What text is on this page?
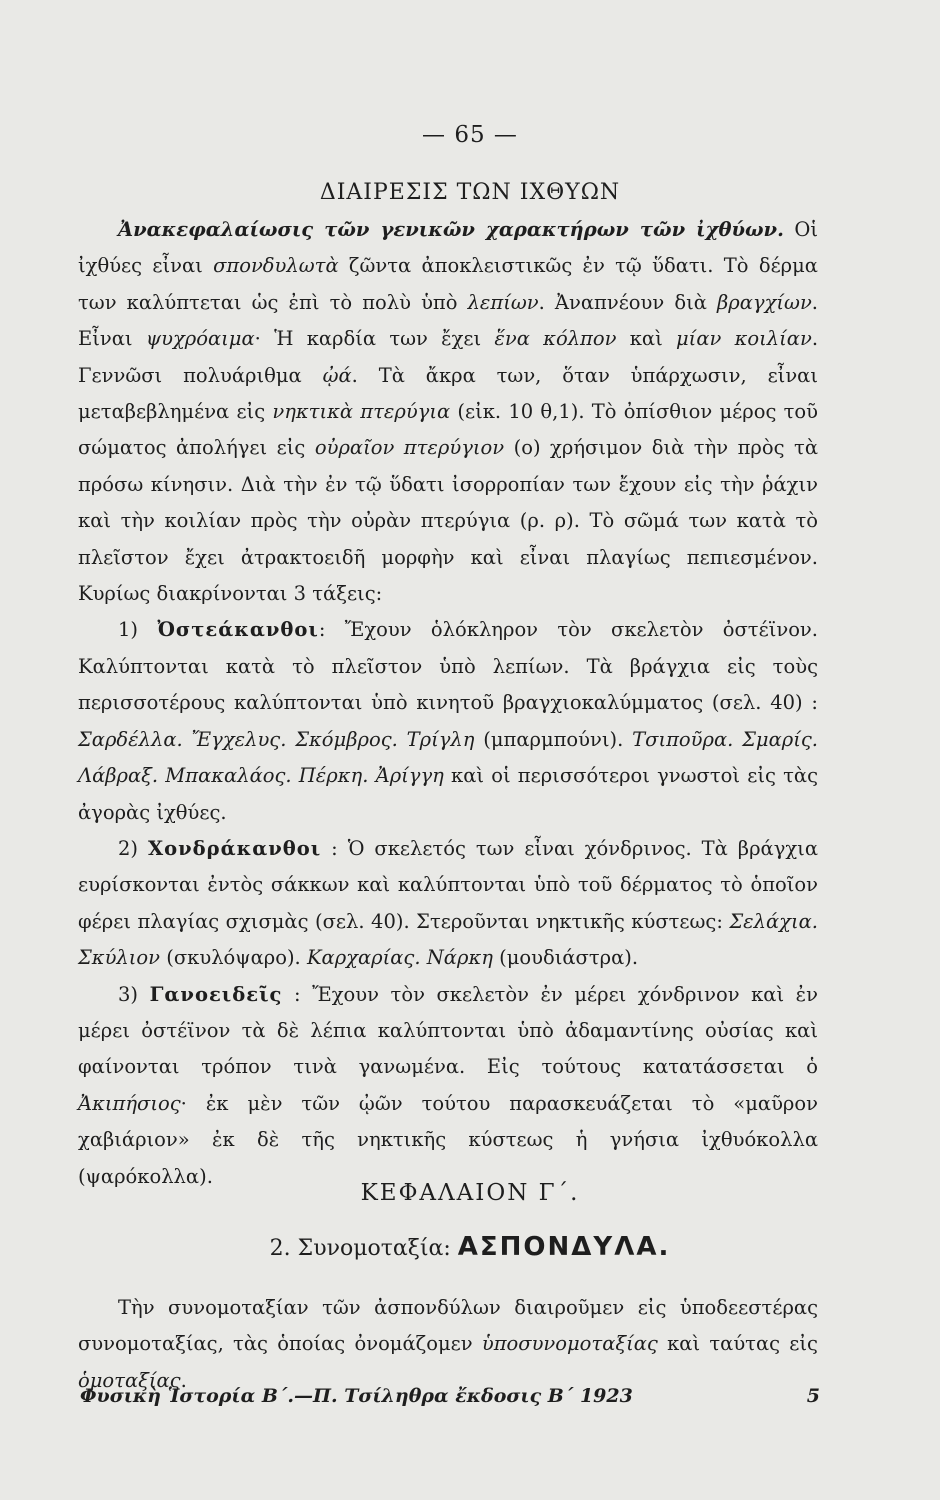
— 65 —
ΔΙΑΙΡΕΣΙΣ ΤΩΝ ΙΧΘΥΩΝ

Ἀνακεφαλαίωσις τῶν γενικῶν χαρακτήρων τῶν ἰχθύων. Οἱ ἰχθύες εἶναι σπονδυλωτὰ ζῶντα ἀποκλειστικῶς ἐν τῷ ὕδατι. Τὸ δέρμα των καλύπτεται ὡς ἐπὶ τὸ πολὺ ὑπὸ λεπίων. Ἀναπνέουν διὰ βραγχίων. Εἶναι ψυχρόαιμα· Ἡ καρδία των ἔχει ἕνα κόλπον καὶ μίαν κοιλίαν. Γεννῶσι πολυάριθμα ᾠά. Τὰ ἄκρα των, ὅταν ὑπάρχωσιν, εἶναι μεταβεβλημένα εἰς νηκτικὰ πτερύγια (εἰκ. 10 θ,1). Τὸ ὀπίσθιον μέρος τοῦ σώματος ἀπολήγει εἰς οὐραῖον πτερύγιον (ο) χρήσιμον διὰ τὴν πρὸς τὰ πρόσω κίνησιν. Διὰ τὴν ἐν τῷ ὕδατι ἰσορροπίαν των ἔχουν εἰς τὴν ῥάχιν καὶ τὴν κοιλίαν πρὸς τὴν οὐρὰν πτερύγια (ρ. ρ). Τὸ σῶμά των κατὰ τὸ πλεῖστον ἔχει ἀτρακτοειδῆ μορφὴν καὶ εἶναι πλαγίως πεπιεσμένον. Κυρίως διακρίνονται 3 τάξεις:

1) Ὀστεάκανθοι: Ἔχουν ὁλόκληρον τὸν σκελετὸν ὀστέϊνον. Καλύπτονται κατὰ τὸ πλεῖστον ὑπὸ λεπίων. Τὰ βράγχια εἰς τοὺς περισσοτέρους καλύπτονται ὑπὸ κινητοῦ βραγχιοκαλύμματος (σελ. 40) : Σαρδέλλα. Ἔγχελυς. Σκόμβρος. Τρίγλη (μπαρμπούνι). Τσιποῦρα. Σμαρίς. Λάβραξ. Μπακαλάος. Πέρκη. Ἀρίγγη καὶ οἱ περισσότεροι γνωστοὶ εἰς τὰς ἀγορὰς ἰχθύες.

2) Χονδράκανθοι : Ὁ σκελετός των εἶναι χόνδρινος. Τὰ βράγχια ευρίσκονται ἐντὸς σάκκων καὶ καλύπτονται ὑπὸ τοῦ δέρματος τὸ ὁποῖον φέρει πλαγίας σχισμὰς (σελ. 40). Στεροῦνται νηκτικῆς κύστεως: Σελάχια. Σκύλιον (σκυλόψαρο). Καρχαρίας. Νάρκη (μουδιάστρα).

3) Γανοειδεῖς : Ἔχουν τὸν σκελετὸν ἐν μέρει χόνδρινον καὶ ἐν μέρει ὀστέϊνον τὰ δὲ λέπια καλύπτονται ὑπὸ ἀδαμαντίνης οὐσίας καὶ φαίνονται τρόπον τινὰ γανωμένα. Εἰς τούτους κατατάσσεται ὁ Ἀκιπήσιος· ἐκ μὲν τῶν ᾠῶν τούτου παρασκευάζεται τὸ «μαῦρον χαβιάριον» ἐκ δὲ τῆς νηκτικῆς κύστεως ἡ γνήσια ἰχθυόκολλα (ψαρόκολλα).

ΚΕΦΑΛΑΙΟΝ Γ΄.
2. Συνομοταξία: ΑΣΠΟΝΔΥΛΑ.

Τὴν συνομοταξίαν τῶν ἀσπονδύλων διαιροῦμεν εἰς ὑποδεεστέρας συνομοταξίας, τὰς ὁποίας ὀνομάζομεν ὑποσυνομοταξίας καὶ ταύτας εἰς ὁμοταξίας.

Φυσικὴ Ἱστορία Β΄.—Π. Τσίληθρα ἔκδοσις Β΄ 1923	5
